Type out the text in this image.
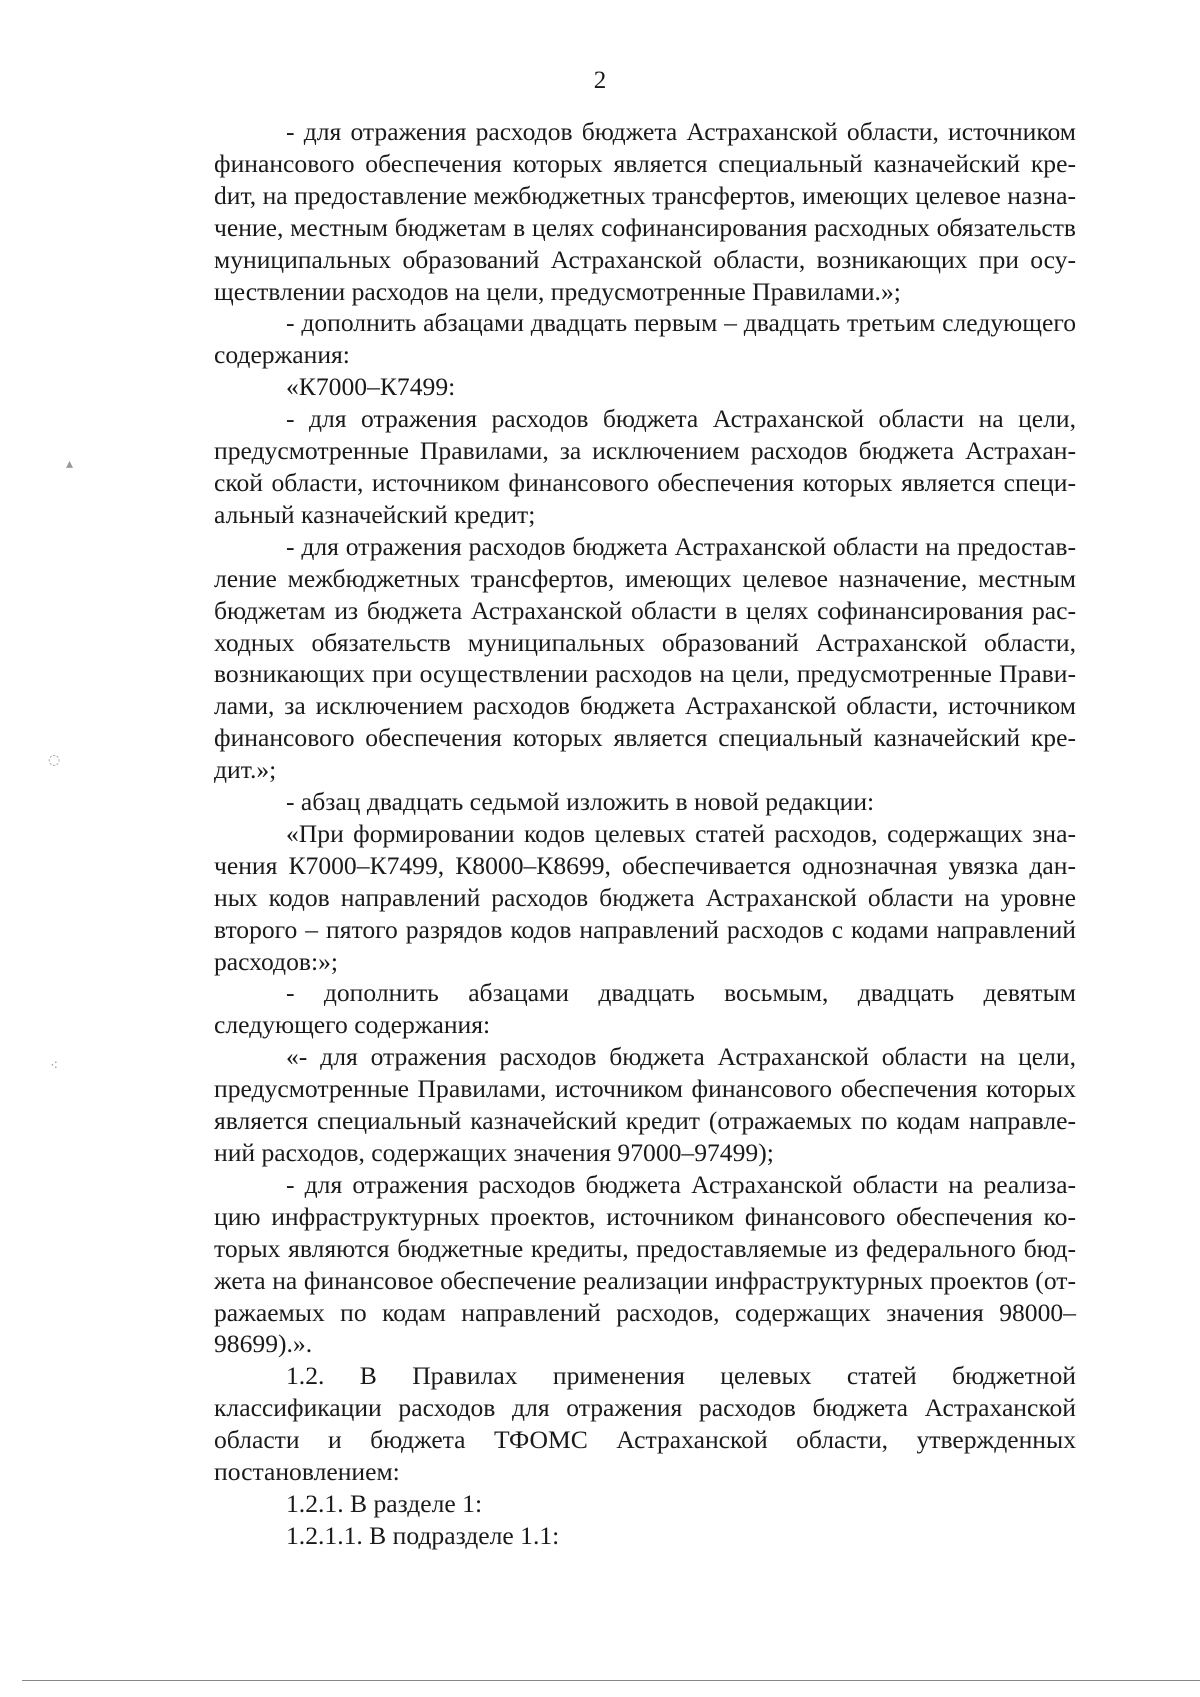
2

- для отражения расходов бюджета Астраханской области, источником финансового обеспечения которых является специальный казначейский креdит, на предоставление межбюджетных трансфертов, имеющих целевое назначение, местным бюджетам в целях софинансирования расходных обязательств муниципальных образований Астраханской области, возникающих при осуществлении расходов на цели, предусмотренные Правилами.»;

- дополнить абзацами двадцать первым – двадцать третьим следующего содержания:

«К7000–К7499:

- для отражения расходов бюджета Астраханской области на цели, предусмотренные Правилами, за исключением расходов бюджета Астраханской области, источником финансового обеспечения которых является специальный казначейский кредит;

- для отражения расходов бюджета Астраханской области на предоставление межбюджетных трансфертов, имеющих целевое назначение, местным бюджетам из бюджета Астраханской области в целях софинансирования расходных обязательств муниципальных образований Астраханской области, возникающих при осуществлении расходов на цели, предусмотренные Правилами, за исключением расходов бюджета Астраханской области, источником финансового обеспечения которых является специальный казначейский кредит.»;

- абзац двадцать седьмой изложить в новой редакции:

«При формировании кодов целевых статей расходов, содержащих значения К7000–К7499, К8000–К8699, обеспечивается однозначная увязка данных кодов направлений расходов бюджета Астраханской области на уровне второго – пятого разрядов кодов направлений расходов с кодами направлений расходов:»;

- дополнить абзацами двадцать восьмым, двадцать девятым следующего содержания:

«- для отражения расходов бюджета Астраханской области на цели, предусмотренные Правилами, источником финансового обеспечения которых является специальный казначейский кредит (отражаемых по кодам направлений расходов, содержащих значения 97000–97499);

- для отражения расходов бюджета Астраханской области на реализацию инфраструктурных проектов, источником финансового обеспечения которых являются бюджетные кредиты, предоставляемые из федерального бюджета на финансовое обеспечение реализации инфраструктурных проектов (отражаемых по кодам направлений расходов, содержащих значения 98000–98699).».

1.2. В Правилах применения целевых статей бюджетной классификации расходов для отражения расходов бюджета Астраханской области и бюджета ТФОМС Астраханской области, утвержденных постановлением:

1.2.1. В разделе 1:

1.2.1.1. В подразделе 1.1:

▴
◌
⁖
